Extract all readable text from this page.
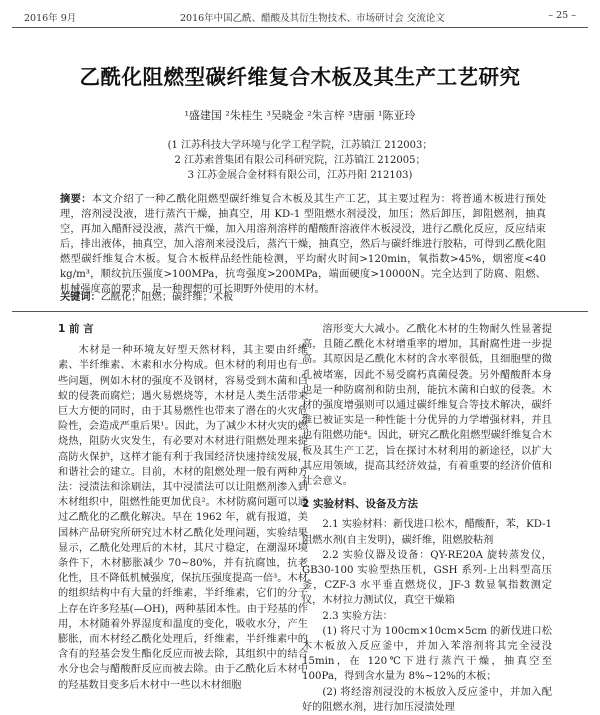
2016年 9月	2016年中国乙酰、醋酸及其衍生物技术、市场研讨会 交流论文	– 25 –
乙酰化阻燃型碳纤维复合木板及其生产工艺研究
¹盛建国 ²朱桂生 ³吴晓金 ²朱言梓 ³唐丽 ¹陈亚玲
(1 江苏科技大学环境与化学工程学院，江苏镇江 212003；
2 江苏索普集团有限公司科研究院，江苏镇江 212005；
3 江苏金展合金材料有限公司，江苏丹阳 212103)
摘要：本文介绍了一种乙酰化阻燃型碳纤维复合木板及其生产工艺，其主要过程为：将普通木板进行预处理，溶剂浸没液，进行蒸汽干燥，抽真空，用 KD-1 型阻燃水剂浸没，加压；然后卸压，卸阻燃剂，抽真空，再加入醋酐浸没液，蒸汽干燥，加入用溶剂溶样的醋酸酐溶液伴木板浸没，进行乙酰化反应，反应结束后，排出液体，抽真空，加入溶剂来浸没后，蒸汽干燥，抽真空，然后与碳纤维进行胶粘，可得到乙酰化阻燃型碳纤维复合木板。复合木板样品经性能检测，平均耐火时间>120min，氧指数>45%，烟密度<40 kg/m³，顺纹抗压强度>100MPa，抗弯强度>200MPa，端面硬度>10000N。完全达到了防腐、阻燃、机械强度高的要求，是一种理想的可长期野外使用的木材。
关键词：乙酰化；阻燃；碳纤维；木板
1 前 言

木材是一种环境友好型天然材料，其主要由纤维素、半纤维素、木素和水分构成。但木材的利用也有一些问题，例如木材的强度不及钢材，容易受到木菌和白蚁的侵袭而腐烂；遇火易燃烧等，木材是人类生活带来巨大方便的同时，由于其易燃性也带来了潜在的火灾危险性，会造成严重后果¹。因此，为了减少木材火灾的燃烧热，阻防火灾发生，有必要对木材进行阻燃处理来提高防火保护，这样才能有利于我国经济快速持续发展，和谐社会的建立。目前，木材的阻燃处理一般有两种方法：浸渍法和涂刷法，其中浸渍法可以让阻燃剂渗入到木材组织中，阻燃性能更加优良²。木材防腐问题可以通过乙酰化的乙酰化解决。早在 1962 年，就有报道，美国林产品研究所研究过木材乙酰化处理问题，实验结果显示，乙酰化处理后的木材，其尺寸稳定，在潮湿环境条件下，木材膨胀减少 70~80%，并有抗腐蚀，抗老化性，且不降低机械强度，保抗压强度提高一倍³。木材的组织结构中有大量的纤维素，半纤维素，它们的分子上存在许多羟基(—OH)，两种基团本性。由于羟基的作用，木材随着外界湿度和温度的变化，吸收水分，产生膨胀，而木材经乙酰化处理后，纤维素，半纤维素中的含有的羟基会发生酯化反应而被去除，其组织中的结合水分也会与醋酸酐反应而被去除。由于乙酰化后木材中的羟基数目变多后木材中一些以木材细胞

溶形变大大减小。乙酰化木材的生物耐久性显著提高，且随乙酰化木材增重率的增加，其耐腐性进一步提高。其原因是乙酰化木材的含水率很低，且细胞壁的微孔被堵塞，因此不易受腐朽真菌侵袭。另外醋酸酐本身也是一种防腐剂和防虫剂，能抗木菌和白蚁的侵袭。木材的强度增强则可以通过碳纤维复合等技术解决，碳纤维已被证实是一种性能十分优异的力学增强材料，并且也有阻燃功能⁴。因此，研究乙酰化阻燃型碳纤维复合木板及其生产工艺，旨在探讨木材利用的新途径，以扩大其应用领域，提高其经济效益，有着重要的经济价值和社会意义。

2 实验材料、设备及方法

2.1 实验材料：新伐进口松木，醋酸酐，苯，KD-1 阻燃水剂(自主发明)，碳纤维，阻燃胶粘剂

2.2 实验仪器及设备：QY-RE20A 旋转蒸发仪，GB30-100 实验型热压机，GSH 系列-上出料型高压釜，CZF-3 水平垂直燃烧仪，JF-3 数显氧指数测定仪，木材拉力测试仪，真空干燥箱

2.3 实验方法：

(1) 将尺寸为 100cm×10cm×5cm 的新伐进口松木木板放入反应釜中，并加入苯溶剂将其完全浸没 15min，在 120℃下进行蒸汽干燥，抽真空至 100Pa，得到含水量为 8%~12%的木板；

(2) 将经溶剂浸没的木板放入反应釜中，并加入配好的阻燃水剂，进行加压浸渍处理
